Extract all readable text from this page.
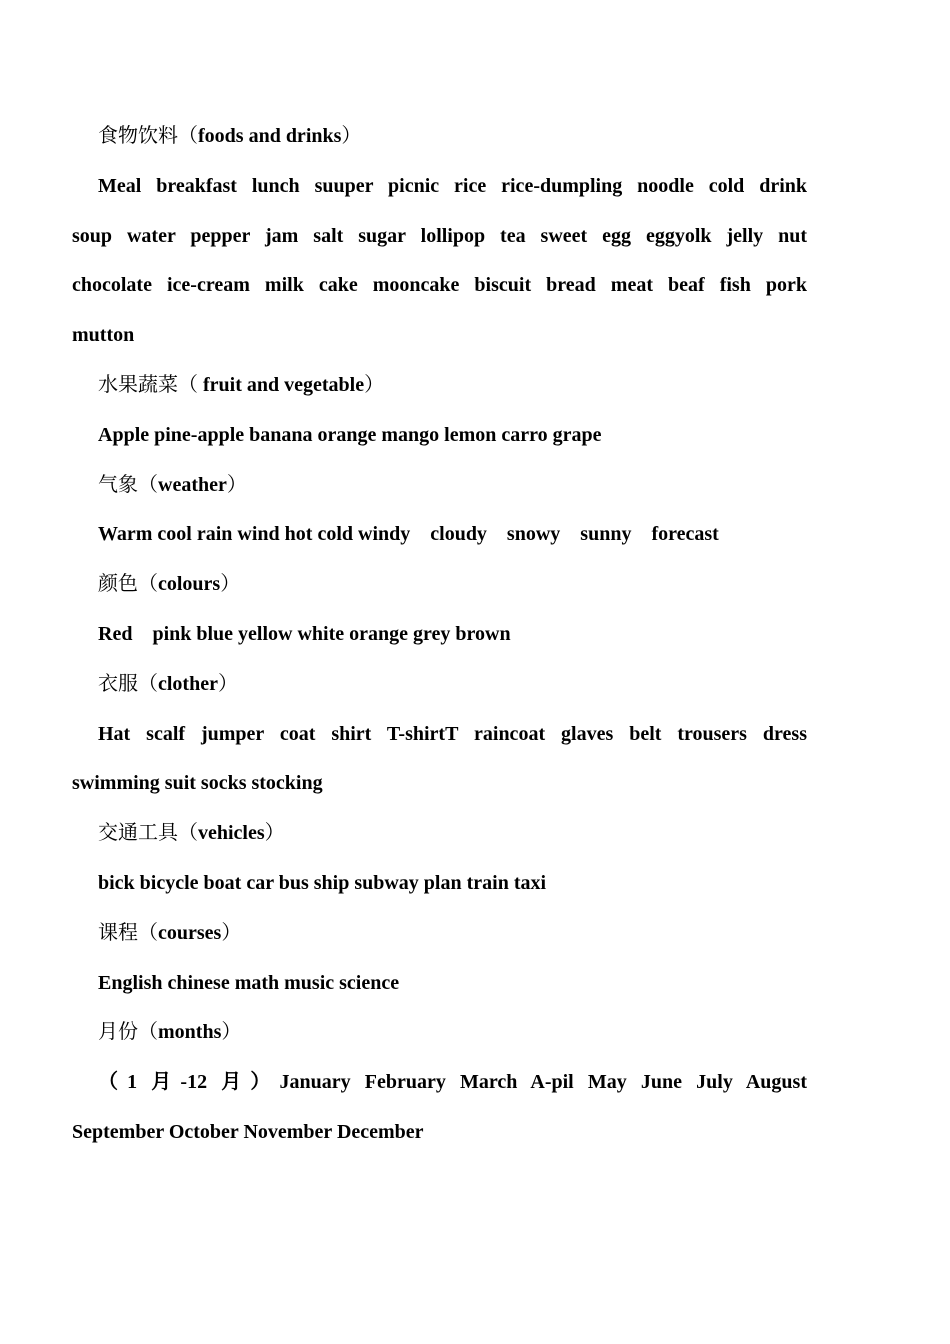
食物饮料（foods and drinks）

Meal breakfast lunch suuper picnic rice rice-dumpling noodle cold drink

soup water pepper jam salt sugar lollipop tea sweet egg eggyolk jelly nut

chocolate ice-cream milk cake mooncake biscuit bread meat beaf fish pork

mutton

水果蔬菜（ fruit and vegetable）

Apple pine-apple banana orange mango lemon carro grape

气象（weather）

Warm cool rain wind hot cold windy    cloudy    snowy    sunny    forecast

颜色（colours）

Red    pink blue yellow white orange grey brown

衣服（clother）

Hat scalf jumper coat shirt T-shirtT raincoat glaves belt trousers dress

swimming suit socks stocking

交通工具（vehicles）

bick bicycle boat car bus ship subway plan train taxi

课程（courses）

English chinese math music science

月份（months）

（1 月-12 月）January February March A-pil May June July August

September October November December
